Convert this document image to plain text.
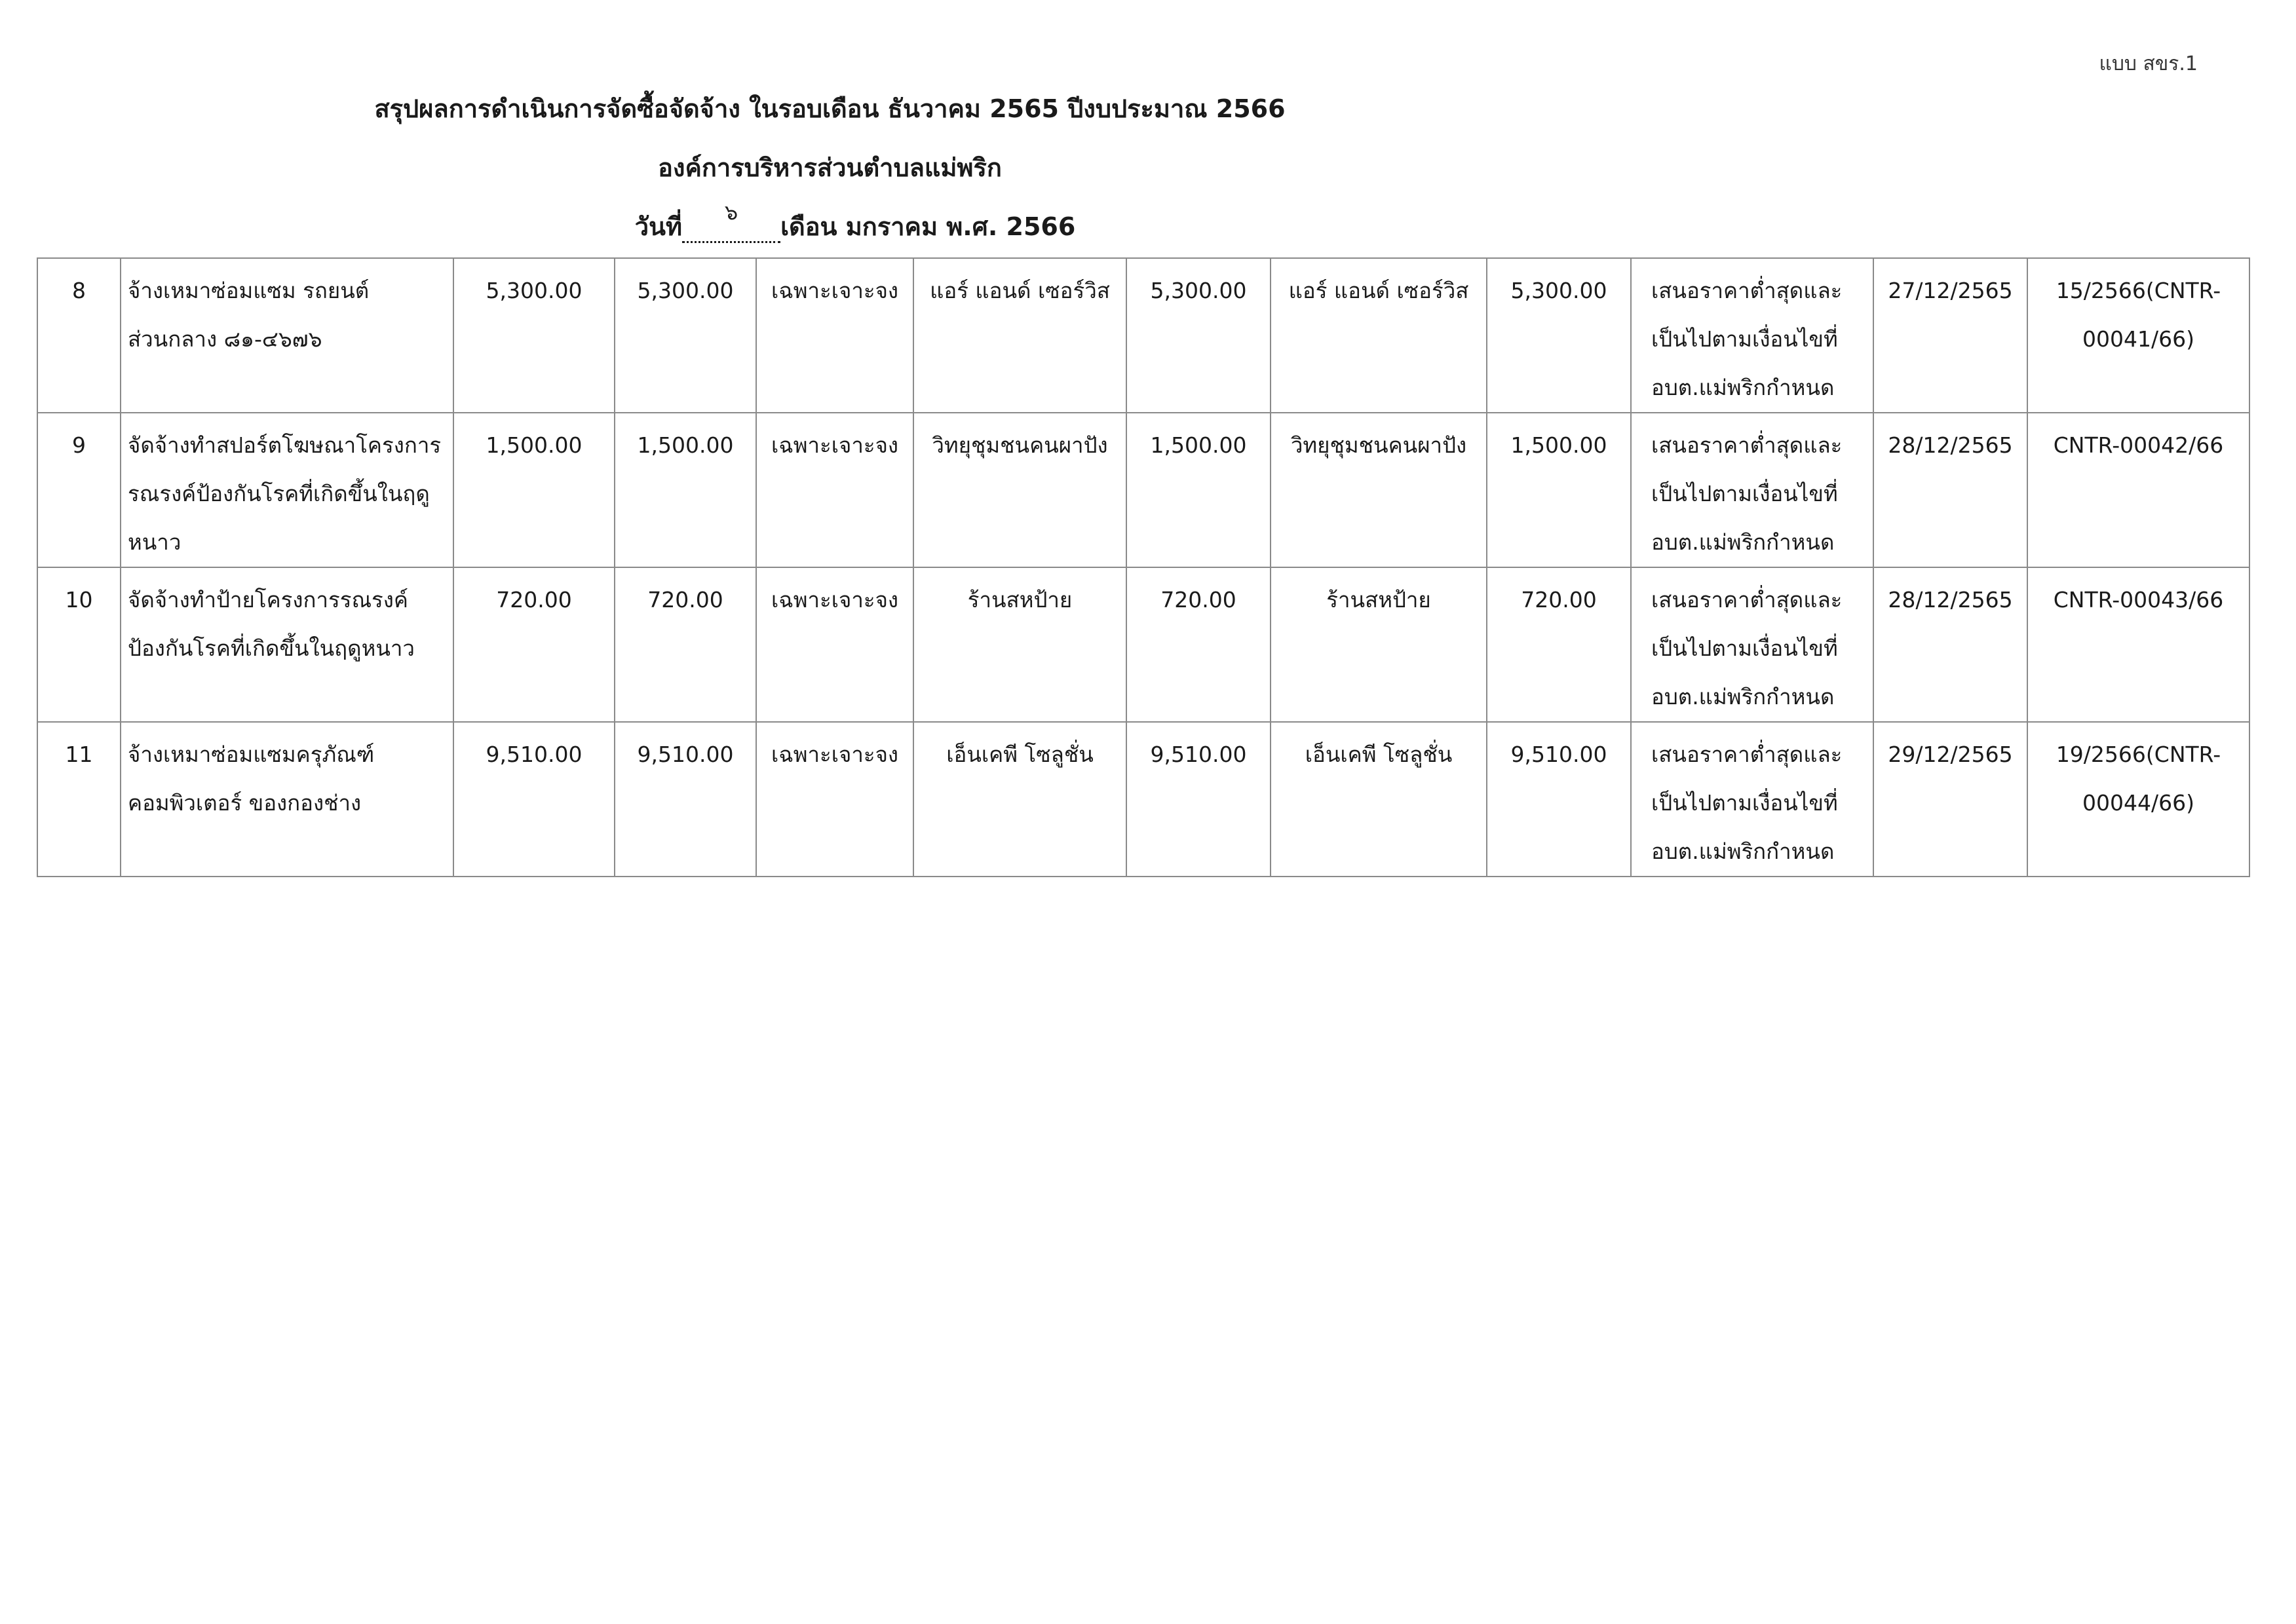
แบบ สขร.1

สรุปผลการดำเนินการจัดซื้อจัดจ้าง ในรอบเดือน ธันวาคม 2565 ปีงบประมาณ 2566

องค์การบริหารส่วนตำบลแม่พริก

วันที่ ๖ เดือน มกราคม พ.ศ. 2566

8	จ้างเหมาซ่อมแซม รถยนต์
ส่วนกลาง ๘๑-๔๖๗๖	5,300.00	5,300.00	เฉพาะเจาะจง	แอร์ แอนด์ เซอร์วิส	5,300.00	แอร์ แอนด์ เซอร์วิส	5,300.00	เสนอราคาต่ำสุดและ
เป็นไปตามเงื่อนไขที่
อบต.แม่พริกกำหนด	27/12/2565	15/2566(CNTR-
00041/66)

9	จัดจ้างทำสปอร์ตโฆษณาโครงการ
รณรงค์ป้องกันโรคที่เกิดขึ้นในฤดู
หนาว	1,500.00	1,500.00	เฉพาะเจาะจง	วิทยุชุมชนคนผาปัง	1,500.00	วิทยุชุมชนคนผาปัง	1,500.00	เสนอราคาต่ำสุดและ
เป็นไปตามเงื่อนไขที่
อบต.แม่พริกกำหนด	28/12/2565	CNTR-00042/66

10	จัดจ้างทำป้ายโครงการรณรงค์
ป้องกันโรคที่เกิดขึ้นในฤดูหนาว	720.00	720.00	เฉพาะเจาะจง	ร้านสหป้าย	720.00	ร้านสหป้าย	720.00	เสนอราคาต่ำสุดและ
เป็นไปตามเงื่อนไขที่
อบต.แม่พริกกำหนด	28/12/2565	CNTR-00043/66

11	จ้างเหมาซ่อมแซมครุภัณฑ์
คอมพิวเตอร์ ของกองช่าง	9,510.00	9,510.00	เฉพาะเจาะจง	เอ็นเคพี โซลูชั่น	9,510.00	เอ็นเคพี โซลูชั่น	9,510.00	เสนอราคาต่ำสุดและ
เป็นไปตามเงื่อนไขที่
อบต.แม่พริกกำหนด	29/12/2565	19/2566(CNTR-
00044/66)
